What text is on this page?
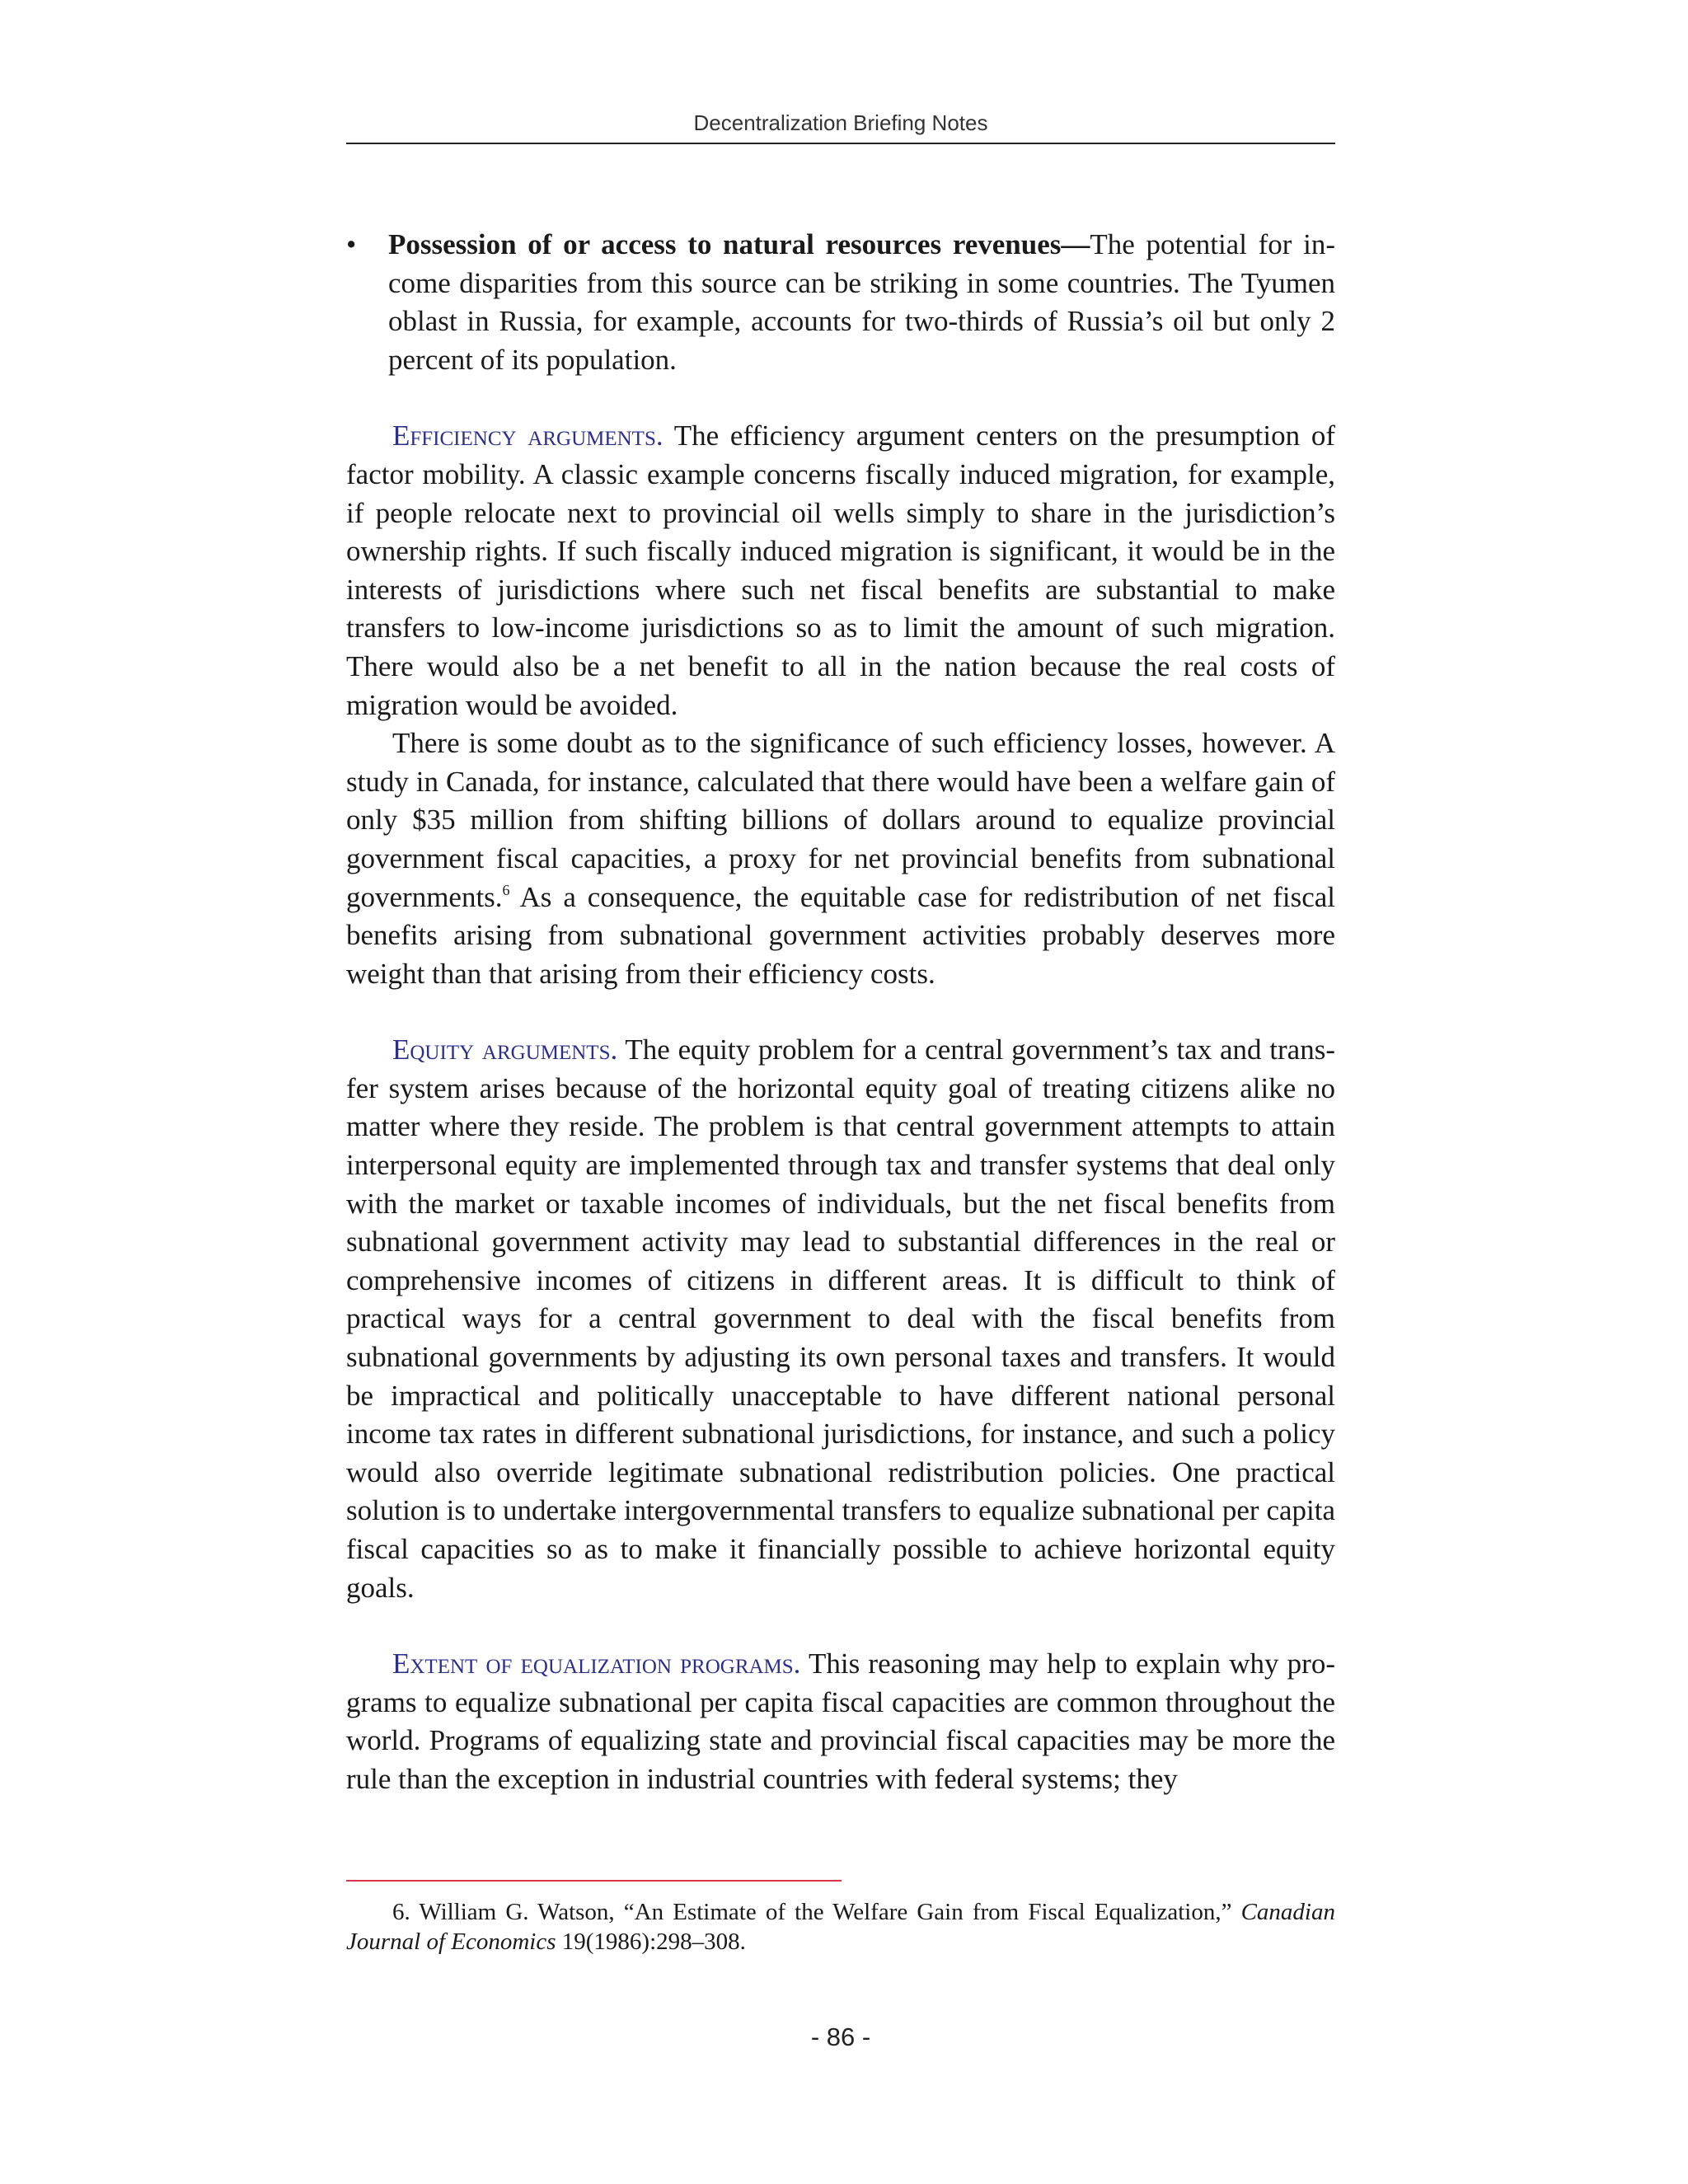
Decentralization Briefing Notes
• Possession of or access to natural resources revenues—The potential for income disparities from this source can be striking in some countries. The Tyumen oblast in Russia, for example, accounts for two-thirds of Russia’s oil but only 2 percent of its population.

Efficiency arguments. The efficiency argument centers on the presumption of factor mobility. A classic example concerns fiscally induced migration, for example, if people relocate next to provincial oil wells simply to share in the jurisdiction’s ownership rights. If such fiscally induced migration is significant, it would be in the interests of jurisdictions where such net fiscal benefits are substantial to make transfers to low-income jurisdictions so as to limit the amount of such migration. There would also be a net benefit to all in the nation because the real costs of migration would be avoided.

There is some doubt as to the significance of such efficiency losses, however. A study in Canada, for instance, calculated that there would have been a welfare gain of only $35 million from shifting billions of dollars around to equalize provincial government fiscal capacities, a proxy for net provincial benefits from subnational governments.$^6$ As a consequence, the equitable case for redistribution of net fiscal benefits arising from subnational government activities probably deserves more weight than that arising from their efficiency costs.

Equity arguments. The equity problem for a central government’s tax and transfer system arises because of the horizontal equity goal of treating citizens alike no matter where they reside. The problem is that central government attempts to attain interpersonal equity are implemented through tax and transfer systems that deal only with the market or taxable incomes of individuals, but the net fiscal benefits from subnational government activity may lead to substantial differences in the real or comprehensive incomes of citizens in different areas. It is difficult to think of practical ways for a central government to deal with the fiscal benefits from subnational governments by adjusting its own personal taxes and transfers. It would be impractical and politically unacceptable to have different national personal income tax rates in different subnational jurisdictions, for instance, and such a policy would also override legitimate subnational redistribution policies. One practical solution is to undertake intergovernmental transfers to equalize subnational per capita fiscal capacities so as to make it financially possible to achieve horizontal equity goals.

Extent of equalization programs. This reasoning may help to explain why programs to equalize subnational per capita fiscal capacities are common throughout the world. Programs of equalizing state and provincial fiscal capacities may be more the rule than the exception in industrial countries with federal systems; they

6. William G. Watson, “An Estimate of the Welfare Gain from Fiscal Equalization,” Canadian Journal of Economics 19(1986):298–308.

- 86 -
